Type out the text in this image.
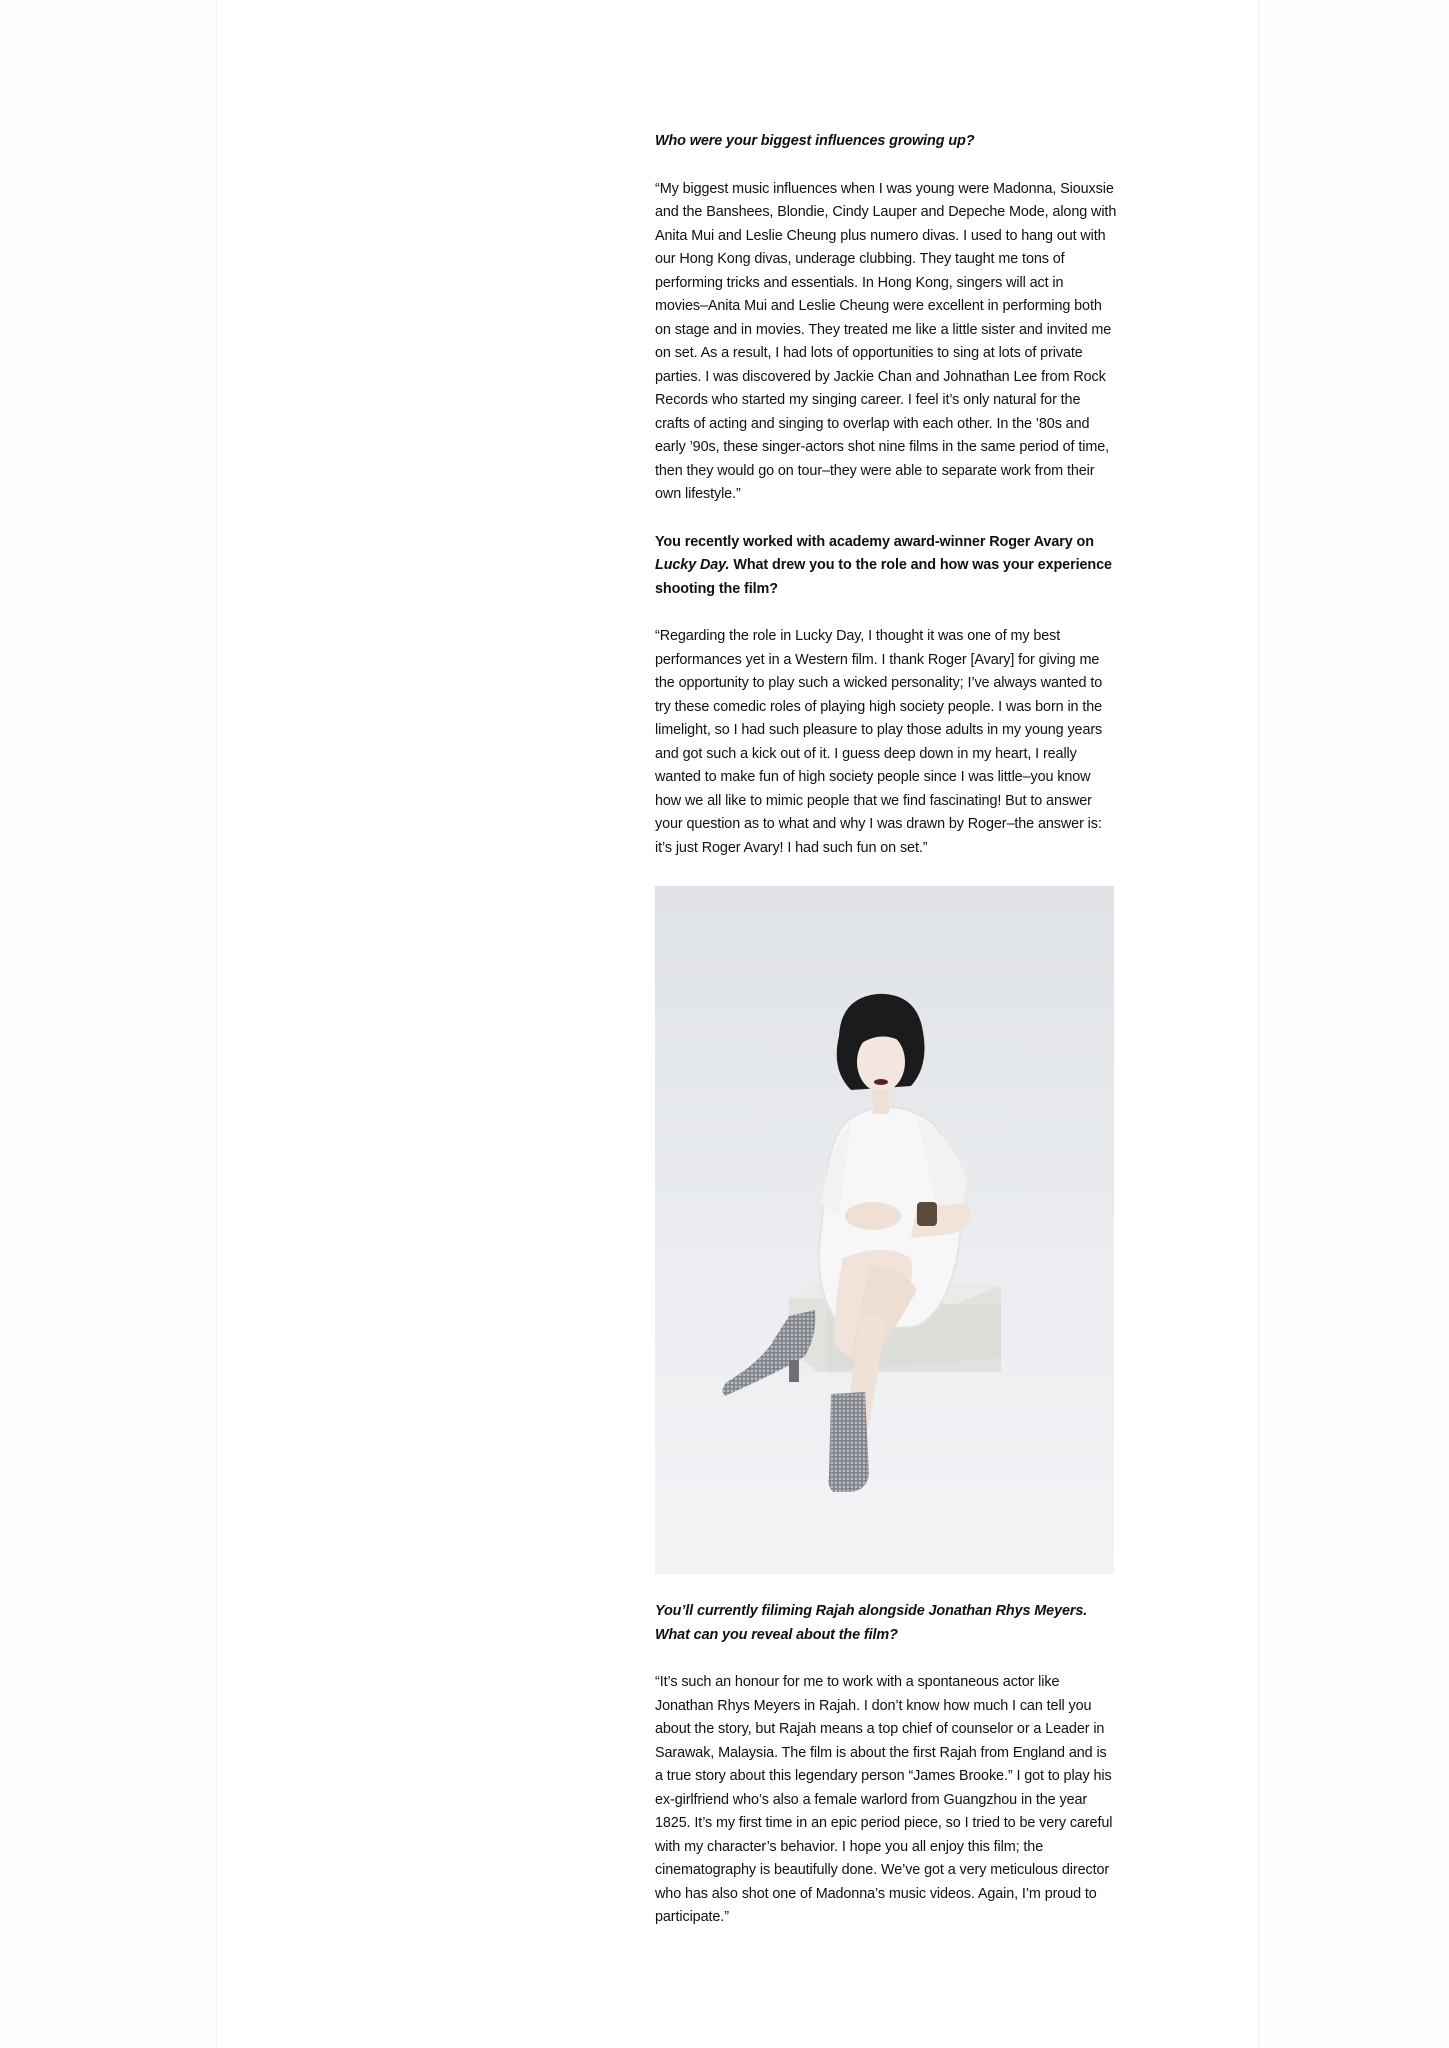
Who were your biggest influences growing up?

“My biggest music influences when I was young were Madonna, Siouxsie and the Banshees, Blondie, Cindy Lauper and Depeche Mode, along with Anita Mui and Leslie Cheung plus numero divas. I used to hang out with our Hong Kong divas, underage clubbing. They taught me tons of performing tricks and essentials. In Hong Kong, singers will act in movies–Anita Mui and Leslie Cheung were excellent in performing both on stage and in movies. They treated me like a little sister and invited me on set. As a result, I had lots of opportunities to sing at lots of private parties. I was discovered by Jackie Chan and Johnathan Lee from Rock Records who started my singing career. I feel it’s only natural for the crafts of acting and singing to overlap with each other. In the ’80s and early ’90s, these singer-actors shot nine films in the same period of time, then they would go on tour–they were able to separate work from their own lifestyle.”

You recently worked with academy award-winner Roger Avary on Lucky Day. What drew you to the role and how was your experience shooting the film?

“Regarding the role in Lucky Day, I thought it was one of my best performances yet in a Western film. I thank Roger [Avary] for giving me the opportunity to play such a wicked personality; I’ve always wanted to try these comedic roles of playing high society people. I was born in the limelight, so I had such pleasure to play those adults in my young years and got such a kick out of it. I guess deep down in my heart, I really wanted to make fun of high society people since I was little–you know how we all like to mimic people that we find fascinating! But to answer your question as to what and why I was drawn by Roger–the answer is: it’s just Roger Avary! I had such fun on set.”

You’ll currently filiming Rajah alongside Jonathan Rhys Meyers. What can you reveal about the film?

“It’s such an honour for me to work with a spontaneous actor like Jonathan Rhys Meyers in Rajah. I don’t know how much I can tell you about the story, but Rajah means a top chief of counselor or a Leader in Sarawak, Malaysia. The film is about the first Rajah from England and is a true story about this legendary person “James Brooke.” I got to play his ex-girlfriend who’s also a female warlord from Guangzhou in the year 1825. It’s my first time in an epic period piece, so I tried to be very careful with my character’s behavior. I hope you all enjoy this film; the cinematography is beautifully done. We’ve got a very meticulous director who has also shot one of Madonna’s music videos. Again, I’m proud to participate.”
